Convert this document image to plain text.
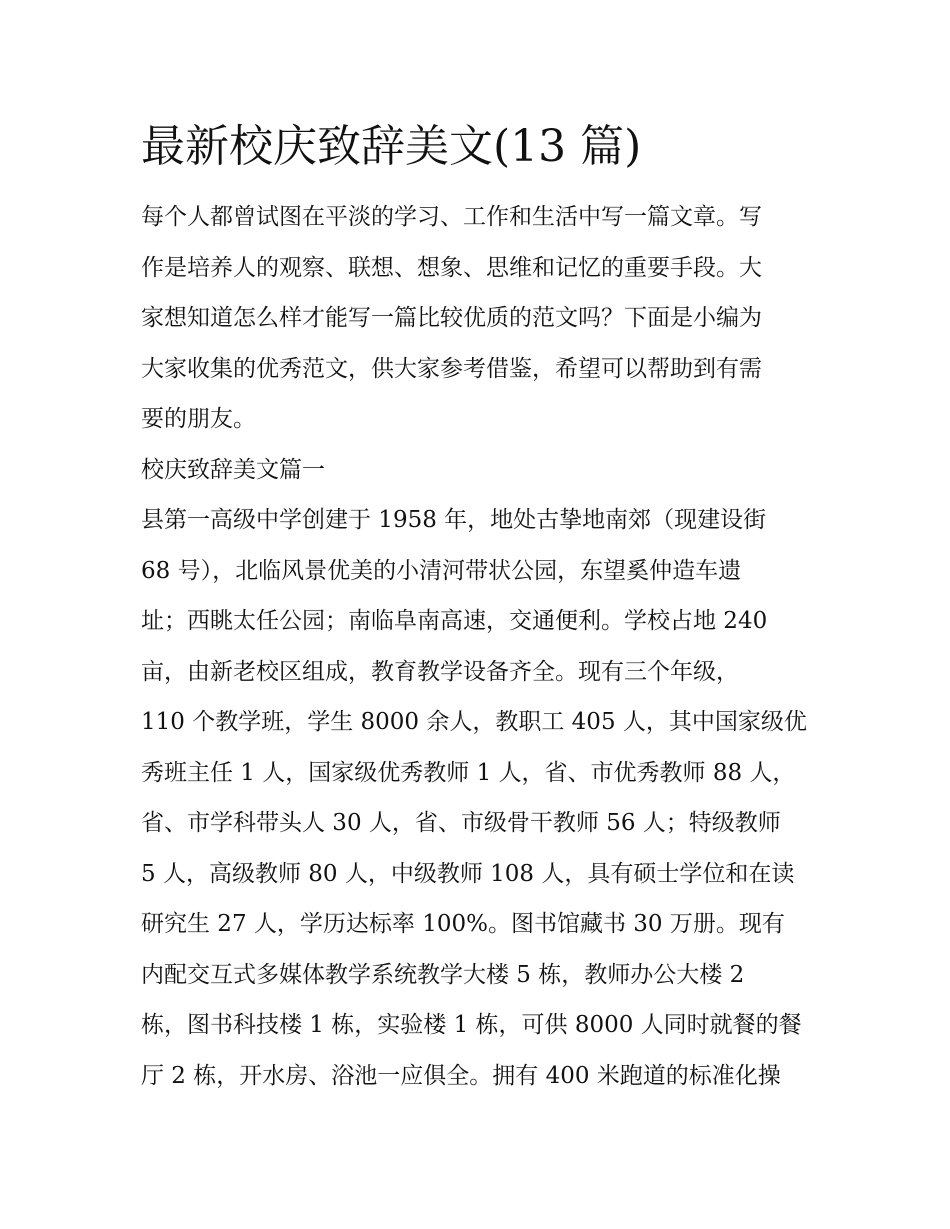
最新校庆致辞美文(13 篇)
每个人都曾试图在平淡的学习、工作和生活中写一篇文章。写
作是培养人的观察、联想、想象、思维和记忆的重要手段。大
家想知道怎么样才能写一篇比较优质的范文吗？下面是小编为
大家收集的优秀范文，供大家参考借鉴，希望可以帮助到有需
要的朋友。
校庆致辞美文篇一
县第一高级中学创建于 1958 年，地处古挚地南郊（现建设街
68 号），北临风景优美的小清河带状公园，东望奚仲造车遗
址；西眺太任公园；南临阜南高速，交通便利。学校占地 240
亩，由新老校区组成，教育教学设备齐全。现有三个年级，
110 个教学班，学生 8000 余人，教职工 405 人，其中国家级优
秀班主任 1 人，国家级优秀教师 1 人，省、市优秀教师 88 人，
省、市学科带头人 30 人，省、市级骨干教师 56 人；特级教师
5 人，高级教师 80 人，中级教师 108 人，具有硕士学位和在读
研究生 27 人，学历达标率 100%。图书馆藏书 30 万册。现有
内配交互式多媒体教学系统教学大楼 5 栋，教师办公大楼 2
栋，图书科技楼 1 栋，实验楼 1 栋，可供 8000 人同时就餐的餐
厅 2 栋，开水房、浴池一应俱全。拥有 400 米跑道的标准化操
